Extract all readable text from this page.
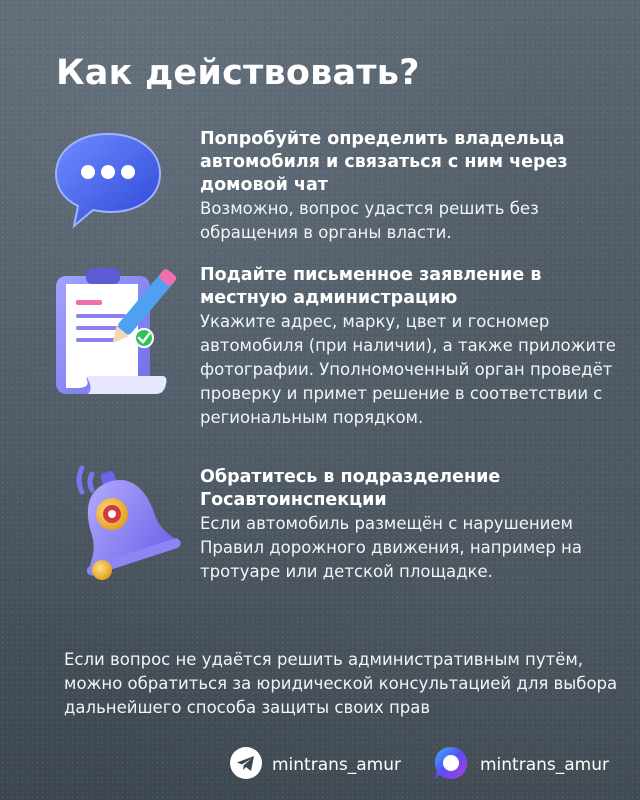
Как действовать?

Попробуйте определить владельца автомобиля и связаться с ним через домовой чат

Возможно, вопрос удастся решить без обращения в органы власти.

Подайте письменное заявление в местную администрацию

Укажите адрес, марку, цвет и госномер автомобиля (при наличии), а также приложите фотографии. Уполномоченный орган проведёт проверку и примет решение в соответствии с региональным порядком.

Обратитесь в подразделение Госавтоинспекции

Если автомобиль размещён с нарушением Правил дорожного движения, например на тротуаре или детской площадке.

Если вопрос не удаётся решить административным путём, можно обратиться за юридической консультацией для выбора дальнейшего способа защиты своих прав

mintrans_amur	mintrans_amur
